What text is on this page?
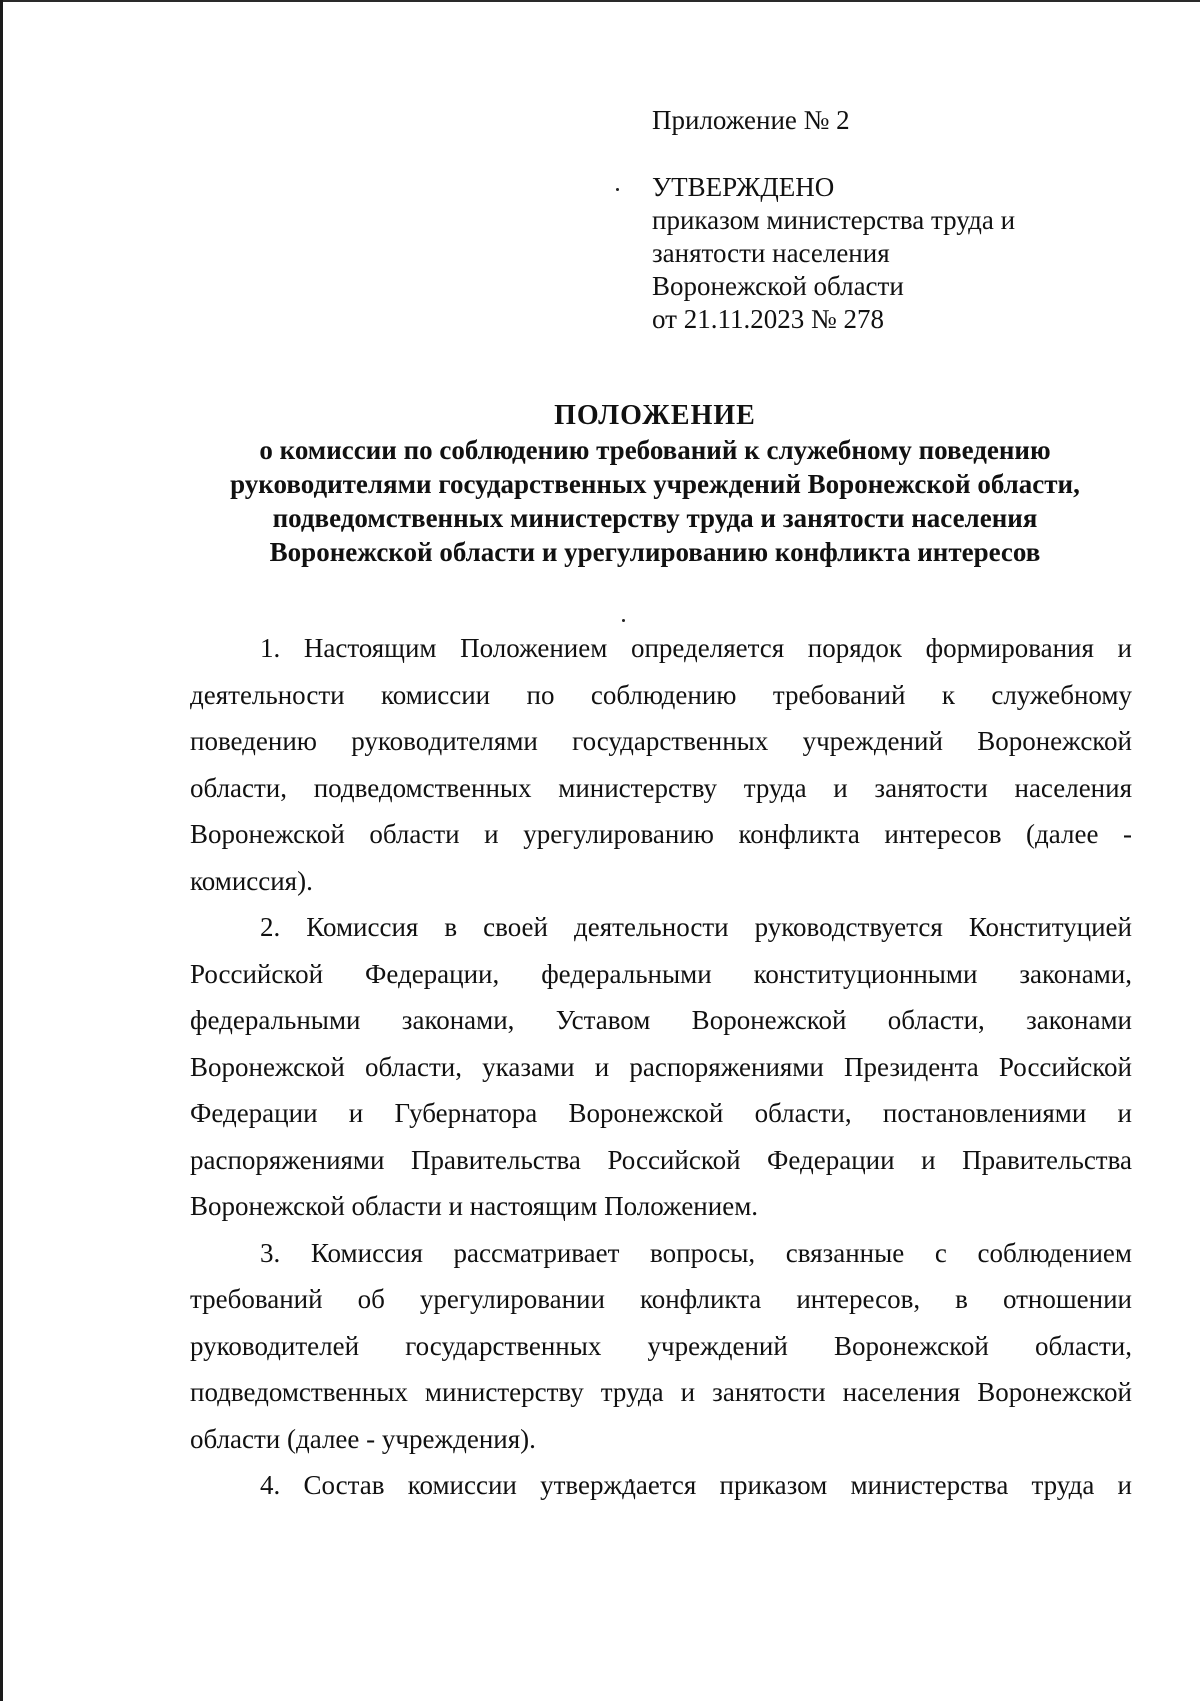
Приложение № 2
УТВЕРЖДЕНО
приказом министерства труда и
занятости населения
Воронежской области
от 21.11.2023 № 278
ПОЛОЖЕНИЕ
о комиссии по соблюдению требований к служебному поведению
руководителями государственных учреждений Воронежской области,
подведомственных министерству труда и занятости населения
Воронежской области и урегулированию конфликта интересов
1. Настоящим Положением определяется порядок формирования и
деятельности комиссии по соблюдению требований к служебному
поведению руководителями государственных учреждений Воронежской
области, подведомственных министерству труда и занятости населения
Воронежской области и урегулированию конфликта интересов (далее -
комиссия).
2. Комиссия в своей деятельности руководствуется Конституцией
Российской Федерации, федеральными конституционными законами,
федеральными законами, Уставом Воронежской области, законами
Воронежской области, указами и распоряжениями Президента Российской
Федерации и Губернатора Воронежской области, постановлениями и
распоряжениями Правительства Российской Федерации и Правительства
Воронежской области и настоящим Положением.
3. Комиссия рассматривает вопросы, связанные с соблюдением
требований об урегулировании конфликта интересов, в отношении
руководителей государственных учреждений Воронежской области,
подведомственных министерству труда и занятости населения Воронежской
области (далее - учреждения).
4. Состав комиссии утверждается приказом министерства труда и
